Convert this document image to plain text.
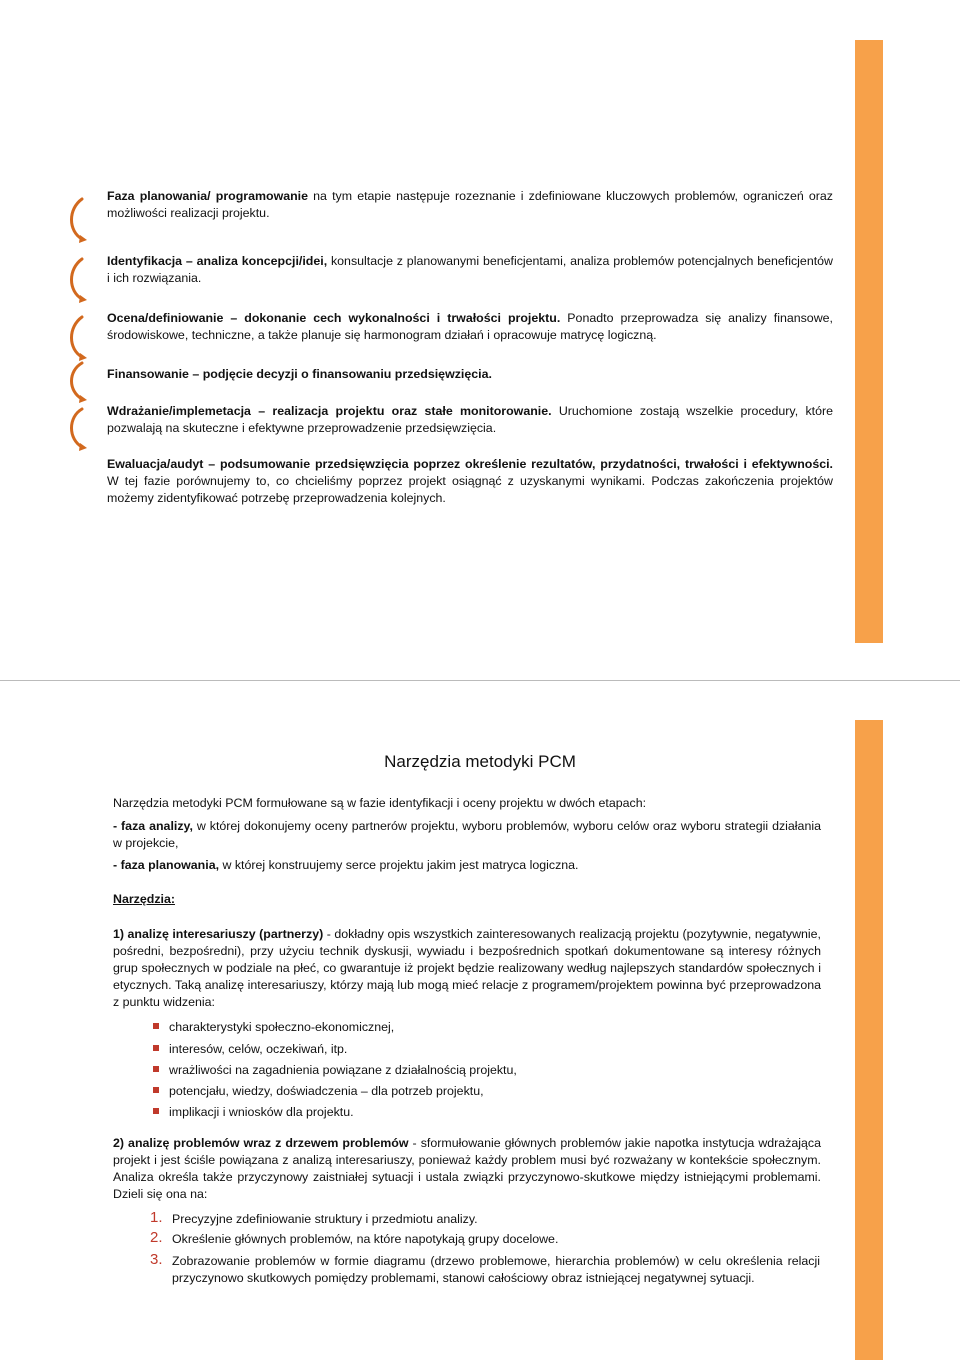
Faza planowania/ programowanie na tym etapie następuje rozeznanie i zdefiniowane kluczowych problemów, ograniczeń oraz możliwości realizacji projektu.

Identyfikacja – analiza koncepcji/idei, konsultacje z planowanymi beneficjentami, analiza problemów potencjalnych beneficjentów i ich rozwiązania.

Ocena/definiowanie – dokonanie cech wykonalności i trwałości projektu. Ponadto przeprowadza się analizy finansowe, środowiskowe, techniczne, a także planuje się harmonogram działań i opracowuje matrycę logiczną.

Finansowanie – podjęcie decyzji o finansowaniu przedsięwzięcia.

Wdrażanie/implemetacja – realizacja projektu oraz stałe monitorowanie. Uruchomione zostają wszelkie procedury, które pozwalają na skuteczne i efektywne przeprowadzenie przedsięwzięcia.

Ewaluacja/audyt – podsumowanie przedsięwzięcia poprzez określenie rezultatów, przydatności, trwałości i efektywności. W tej fazie porównujemy to, co chcieliśmy poprzez projekt osiągnąć z uzyskanymi wynikami. Podczas zakończenia projektów możemy zidentyfikować potrzebę przeprowadzenia kolejnych.

Narzędzia metodyki PCM

Narzędzia metodyki PCM formułowane są w fazie identyfikacji i oceny projektu w dwóch etapach:

- faza analizy, w której dokonujemy oceny partnerów projektu, wyboru problemów, wyboru celów oraz wyboru strategii działania w projekcie,

- faza planowania, w której konstruujemy serce projektu jakim jest matryca logiczna.

Narzędzia:

1) analizę interesariuszy (partnerzy) - dokładny opis wszystkich zainteresowanych realizacją projektu (pozytywnie, negatywnie, pośredni, bezpośredni), przy użyciu technik dyskusji, wywiadu i bezpośrednich spotkań dokumentowane są interesy różnych grup społecznych w podziale na płeć, co gwarantuje iż projekt będzie realizowany według najlepszych standardów społecznych i etycznych. Taką analizę interesariuszy, którzy mają lub mogą mieć relacje z programem/projektem powinna być przeprowadzona z punktu widzenia:

charakterystyki społeczno-ekonomicznej,
interesów, celów, oczekiwań, itp.
wrażliwości na zagadnienia powiązane z działalnością projektu,
potencjału, wiedzy, doświadczenia – dla potrzeb projektu,
implikacji i wniosków dla projektu.

2) analizę problemów wraz z drzewem problemów - sformułowanie głównych problemów jakie napotka instytucja wdrażająca projekt i jest ściśle powiązana z analizą interesariuszy, ponieważ każdy problem musi być rozważany w kontekście społecznym. Analiza określa także przyczynowy zaistniałej sytuacji i ustala związki przyczynowo-skutkowe między istniejącymi problemami. Dzieli się ona na:

1. Precyzyjne zdefiniowanie struktury i przedmiotu analizy.
2. Określenie głównych problemów, na które napotykają grupy docelowe.
3. Zobrazowanie problemów w formie diagramu (drzewo problemowe, hierarchia problemów) w celu określenia relacji przyczynowo skutkowych pomiędzy problemami, stanowi całościowy obraz istniejącej negatywnej sytuacji.
